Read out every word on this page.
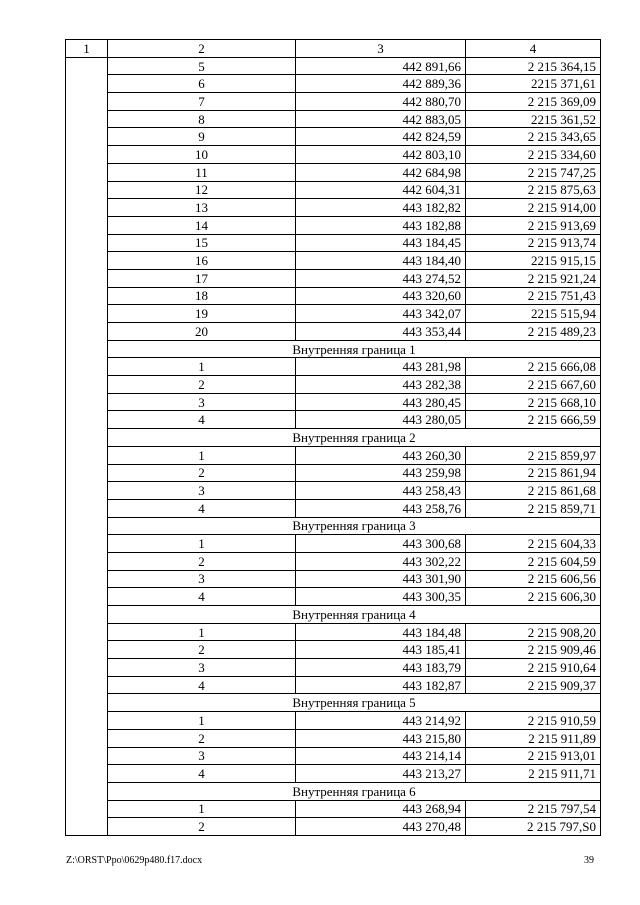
1	2	3	4
	5	442 891,66	2 215 364,15
	6	442 889,36	2215 371,61
	7	442 880,70	2 215 369,09
	8	442 883,05	2215 361,52
	9	442 824,59	2 215 343,65
	10	442 803,10	2 215 334,60
	11	442 684,98	2 215 747,25
	12	442 604,31	2 215 875,63
	13	443 182,82	2 215 914,00
	14	443 182,88	2 215 913,69
	15	443 184,45	2 215 913,74
	16	443 184,40	2215 915,15
	17	443 274,52	2 215 921,24
	18	443 320,60	2 215 751,43
	19	443 342,07	2215 515,94
	20	443 353,44	2 215 489,23
	Внутренняя граница 1		
	1	443 281,98	2 215 666,08
	2	443 282,38	2 215 667,60
	3	443 280,45	2 215 668,10
	4	443 280,05	2 215 666,59
	Внутренняя граница 2		
	1	443 260,30	2 215 859,97
	2	443 259,98	2 215 861,94
	3	443 258,43	2 215 861,68
	4	443 258,76	2 215 859,71
	Внутренняя граница 3		
	1	443 300,68	2 215 604,33
	2	443 302,22	2 215 604,59
	3	443 301,90	2 215 606,56
	4	443 300,35	2 215 606,30
	Внутренняя граница 4		
	1	443 184,48	2 215 908,20
	2	443 185,41	2 215 909,46
	3	443 183,79	2 215 910,64
	4	443 182,87	2 215 909,37
	Внутренняя граница 5		
	1	443 214,92	2 215 910,59
	2	443 215,80	2 215 911,89
	3	443 214,14	2 215 913,01
	4	443 213,27	2 215 911,71
	Внутренняя граница 6		
	1	443 268,94	2 215 797,54
	2	443 270,48	2 215 797,S0
Z:\ORST\Ppo\0629p480.f17.docx	39
